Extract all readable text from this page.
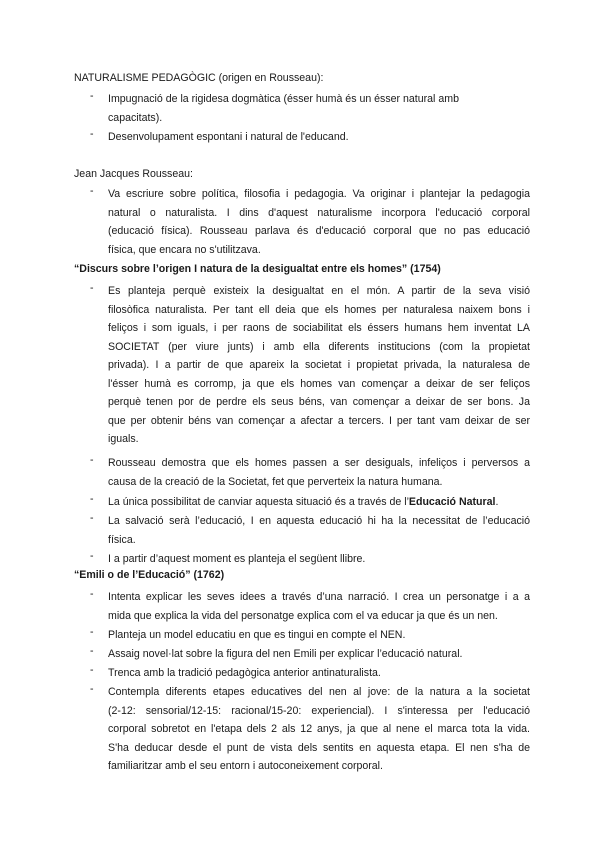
NATURALISME PEDAGÒGIC (origen en Rousseau):
- Impugnació de la rigidesa dogmàtica (ésser humà és un ésser natural amb
capacitats).
- Desenvolupament espontani i natural de l'educand.
Jean Jacques Rousseau:
- Va escriure sobre política, filosofia i pedagogia. Va originar i plantejar la pedagogia
natural o naturalista. I dins d'aquest naturalisme incorpora l'educació corporal
(educació física). Rousseau parlava és d'educació corporal que no pas educació
física, que encara no s'utilitzava.
“Discurs sobre l’origen I natura de la desigualtat entre els homes” (1754)
- Es planteja perquè existeix la desigualtat en el món. A partir de la seva visió
filosòfica naturalista. Per tant ell deia que els homes per naturalesa naixem bons i
feliços i som iguals, i per raons de sociabilitat els éssers humans hem inventat LA
SOCIETAT (per viure junts) i amb ella diferents institucions (com la propietat
privada). I a partir de que apareix la societat i propietat privada, la naturalesa de
l'ésser humà es corromp, ja que els homes van començar a deixar de ser feliços
perquè tenen por de perdre els seus béns, van començar a deixar de ser bons. Ja
que per obtenir béns van començar a afectar a tercers. I per tant vam deixar de ser
iguals.
- Rousseau demostra que els homes passen a ser desiguals, infeliços i perversos a
causa de la creació de la Societat, fet que perverteix la natura humana.
- La única possibilitat de canviar aquesta situació és a través de l’Educació Natural.
- La salvació serà l’educació, I en aquesta educació hi ha la necessitat de l’educació
física.
- I a partir d’aquest moment es planteja el següent llibre.
“Emili o de l’Educació” (1762)
- Intenta explicar les seves idees a través d’una narració. I crea un personatge i a a
mida que explica la vida del personatge explica com el va educar ja que és un nen.
- Planteja un model educatiu en que es tingui en compte el NEN.
- Assaig novel·lat sobre la figura del nen Emili per explicar l’educació natural.
- Trenca amb la tradició pedagògica anterior antinaturalista.
- Contempla diferents etapes educatives del nen al jove: de la natura a la societat
(2-12: sensorial/12-15: racional/15-20: experiencial). I s'interessa per l'educació
corporal sobretot en l'etapa dels 2 als 12 anys, ja que al nene el marca tota la vida.
S'ha deducar desde el punt de vista dels sentits en aquesta etapa. El nen s'ha de
familiaritzar amb el seu entorn i autoconeixement corporal.
